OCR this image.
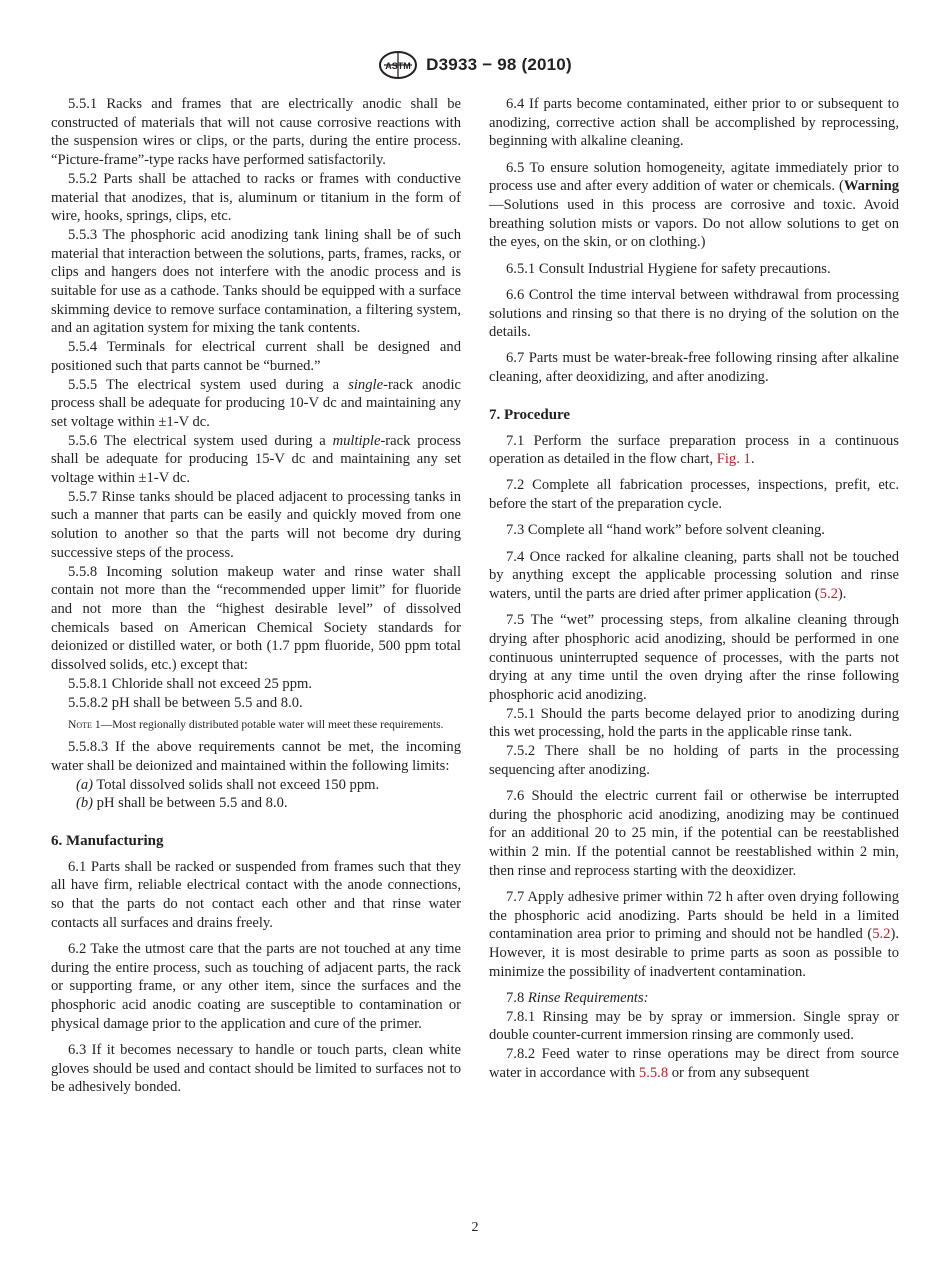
ASTM D3933 − 98 (2010)

5.5.1 Racks and frames that are electrically anodic shall be constructed of materials that will not cause corrosive reactions with the suspension wires or clips, or the parts, during the entire process. “Picture-frame”-type racks have performed satisfactorily.

5.5.2 Parts shall be attached to racks or frames with conductive material that anodizes, that is, aluminum or titanium in the form of wire, hooks, springs, clips, etc.

5.5.3 The phosphoric acid anodizing tank lining shall be of such material that interaction between the solutions, parts, frames, racks, or clips and hangers does not interfere with the anodic process and is suitable for use as a cathode. Tanks should be equipped with a surface skimming device to remove surface contamination, a filtering system, and an agitation system for mixing the tank contents.

5.5.4 Terminals for electrical current shall be designed and positioned such that parts cannot be “burned.”

5.5.5 The electrical system used during a single-rack anodic process shall be adequate for producing 10-V dc and maintaining any set voltage within ±1-V dc.

5.5.6 The electrical system used during a multiple-rack process shall be adequate for producing 15-V dc and maintaining any set voltage within ±1-V dc.

5.5.7 Rinse tanks should be placed adjacent to processing tanks in such a manner that parts can be easily and quickly moved from one solution to another so that the parts will not become dry during successive steps of the process.

5.5.8 Incoming solution makeup water and rinse water shall contain not more than the “recommended upper limit” for fluoride and not more than the “highest desirable level” of dissolved chemicals based on American Chemical Society standards for deionized or distilled water, or both (1.7 ppm fluoride, 500 ppm total dissolved solids, etc.) except that:

5.5.8.1 Chloride shall not exceed 25 ppm.

5.5.8.2 pH shall be between 5.5 and 8.0.

Note 1—Most regionally distributed potable water will meet these requirements.

5.5.8.3 If the above requirements cannot be met, the incoming water shall be deionized and maintained within the following limits:

(a) Total dissolved solids shall not exceed 150 ppm.

(b) pH shall be between 5.5 and 8.0.

6. Manufacturing

6.1 Parts shall be racked or suspended from frames such that they all have firm, reliable electrical contact with the anode connections, so that the parts do not contact each other and that rinse water contacts all surfaces and drains freely.

6.2 Take the utmost care that the parts are not touched at any time during the entire process, such as touching of adjacent parts, the rack or supporting frame, or any other item, since the surfaces and the phosphoric acid anodic coating are susceptible to contamination or physical damage prior to the application and cure of the primer.

6.3 If it becomes necessary to handle or touch parts, clean white gloves should be used and contact should be limited to surfaces not to be adhesively bonded.

6.4 If parts become contaminated, either prior to or subsequent to anodizing, corrective action shall be accomplished by reprocessing, beginning with alkaline cleaning.

6.5 To ensure solution homogeneity, agitate immediately prior to process use and after every addition of water or chemicals. (Warning—Solutions used in this process are corrosive and toxic. Avoid breathing solution mists or vapors. Do not allow solutions to get on the eyes, on the skin, or on clothing.)

6.5.1 Consult Industrial Hygiene for safety precautions.

6.6 Control the time interval between withdrawal from processing solutions and rinsing so that there is no drying of the solution on the details.

6.7 Parts must be water-break-free following rinsing after alkaline cleaning, after deoxidizing, and after anodizing.

7. Procedure

7.1 Perform the surface preparation process in a continuous operation as detailed in the flow chart, Fig. 1.

7.2 Complete all fabrication processes, inspections, prefit, etc. before the start of the preparation cycle.

7.3 Complete all “hand work” before solvent cleaning.

7.4 Once racked for alkaline cleaning, parts shall not be touched by anything except the applicable processing solution and rinse waters, until the parts are dried after primer application (5.2).

7.5 The “wet” processing steps, from alkaline cleaning through drying after phosphoric acid anodizing, should be performed in one continuous uninterrupted sequence of processes, with the parts not drying at any time until the oven drying after the rinse following phosphoric acid anodizing.

7.5.1 Should the parts become delayed prior to anodizing during this wet processing, hold the parts in the applicable rinse tank.

7.5.2 There shall be no holding of parts in the processing sequencing after anodizing.

7.6 Should the electric current fail or otherwise be interrupted during the phosphoric acid anodizing, anodizing may be continued for an additional 20 to 25 min, if the potential can be reestablished within 2 min. If the potential cannot be reestablished within 2 min, then rinse and reprocess starting with the deoxidizer.

7.7 Apply adhesive primer within 72 h after oven drying following the phosphoric acid anodizing. Parts should be held in a limited contamination area prior to priming and should not be handled (5.2). However, it is most desirable to prime parts as soon as possible to minimize the possibility of inadvertent contamination.

7.8 Rinse Requirements:

7.8.1 Rinsing may be by spray or immersion. Single spray or double counter-current immersion rinsing are commonly used.

7.8.2 Feed water to rinse operations may be direct from source water in accordance with 5.5.8 or from any subsequent

2
